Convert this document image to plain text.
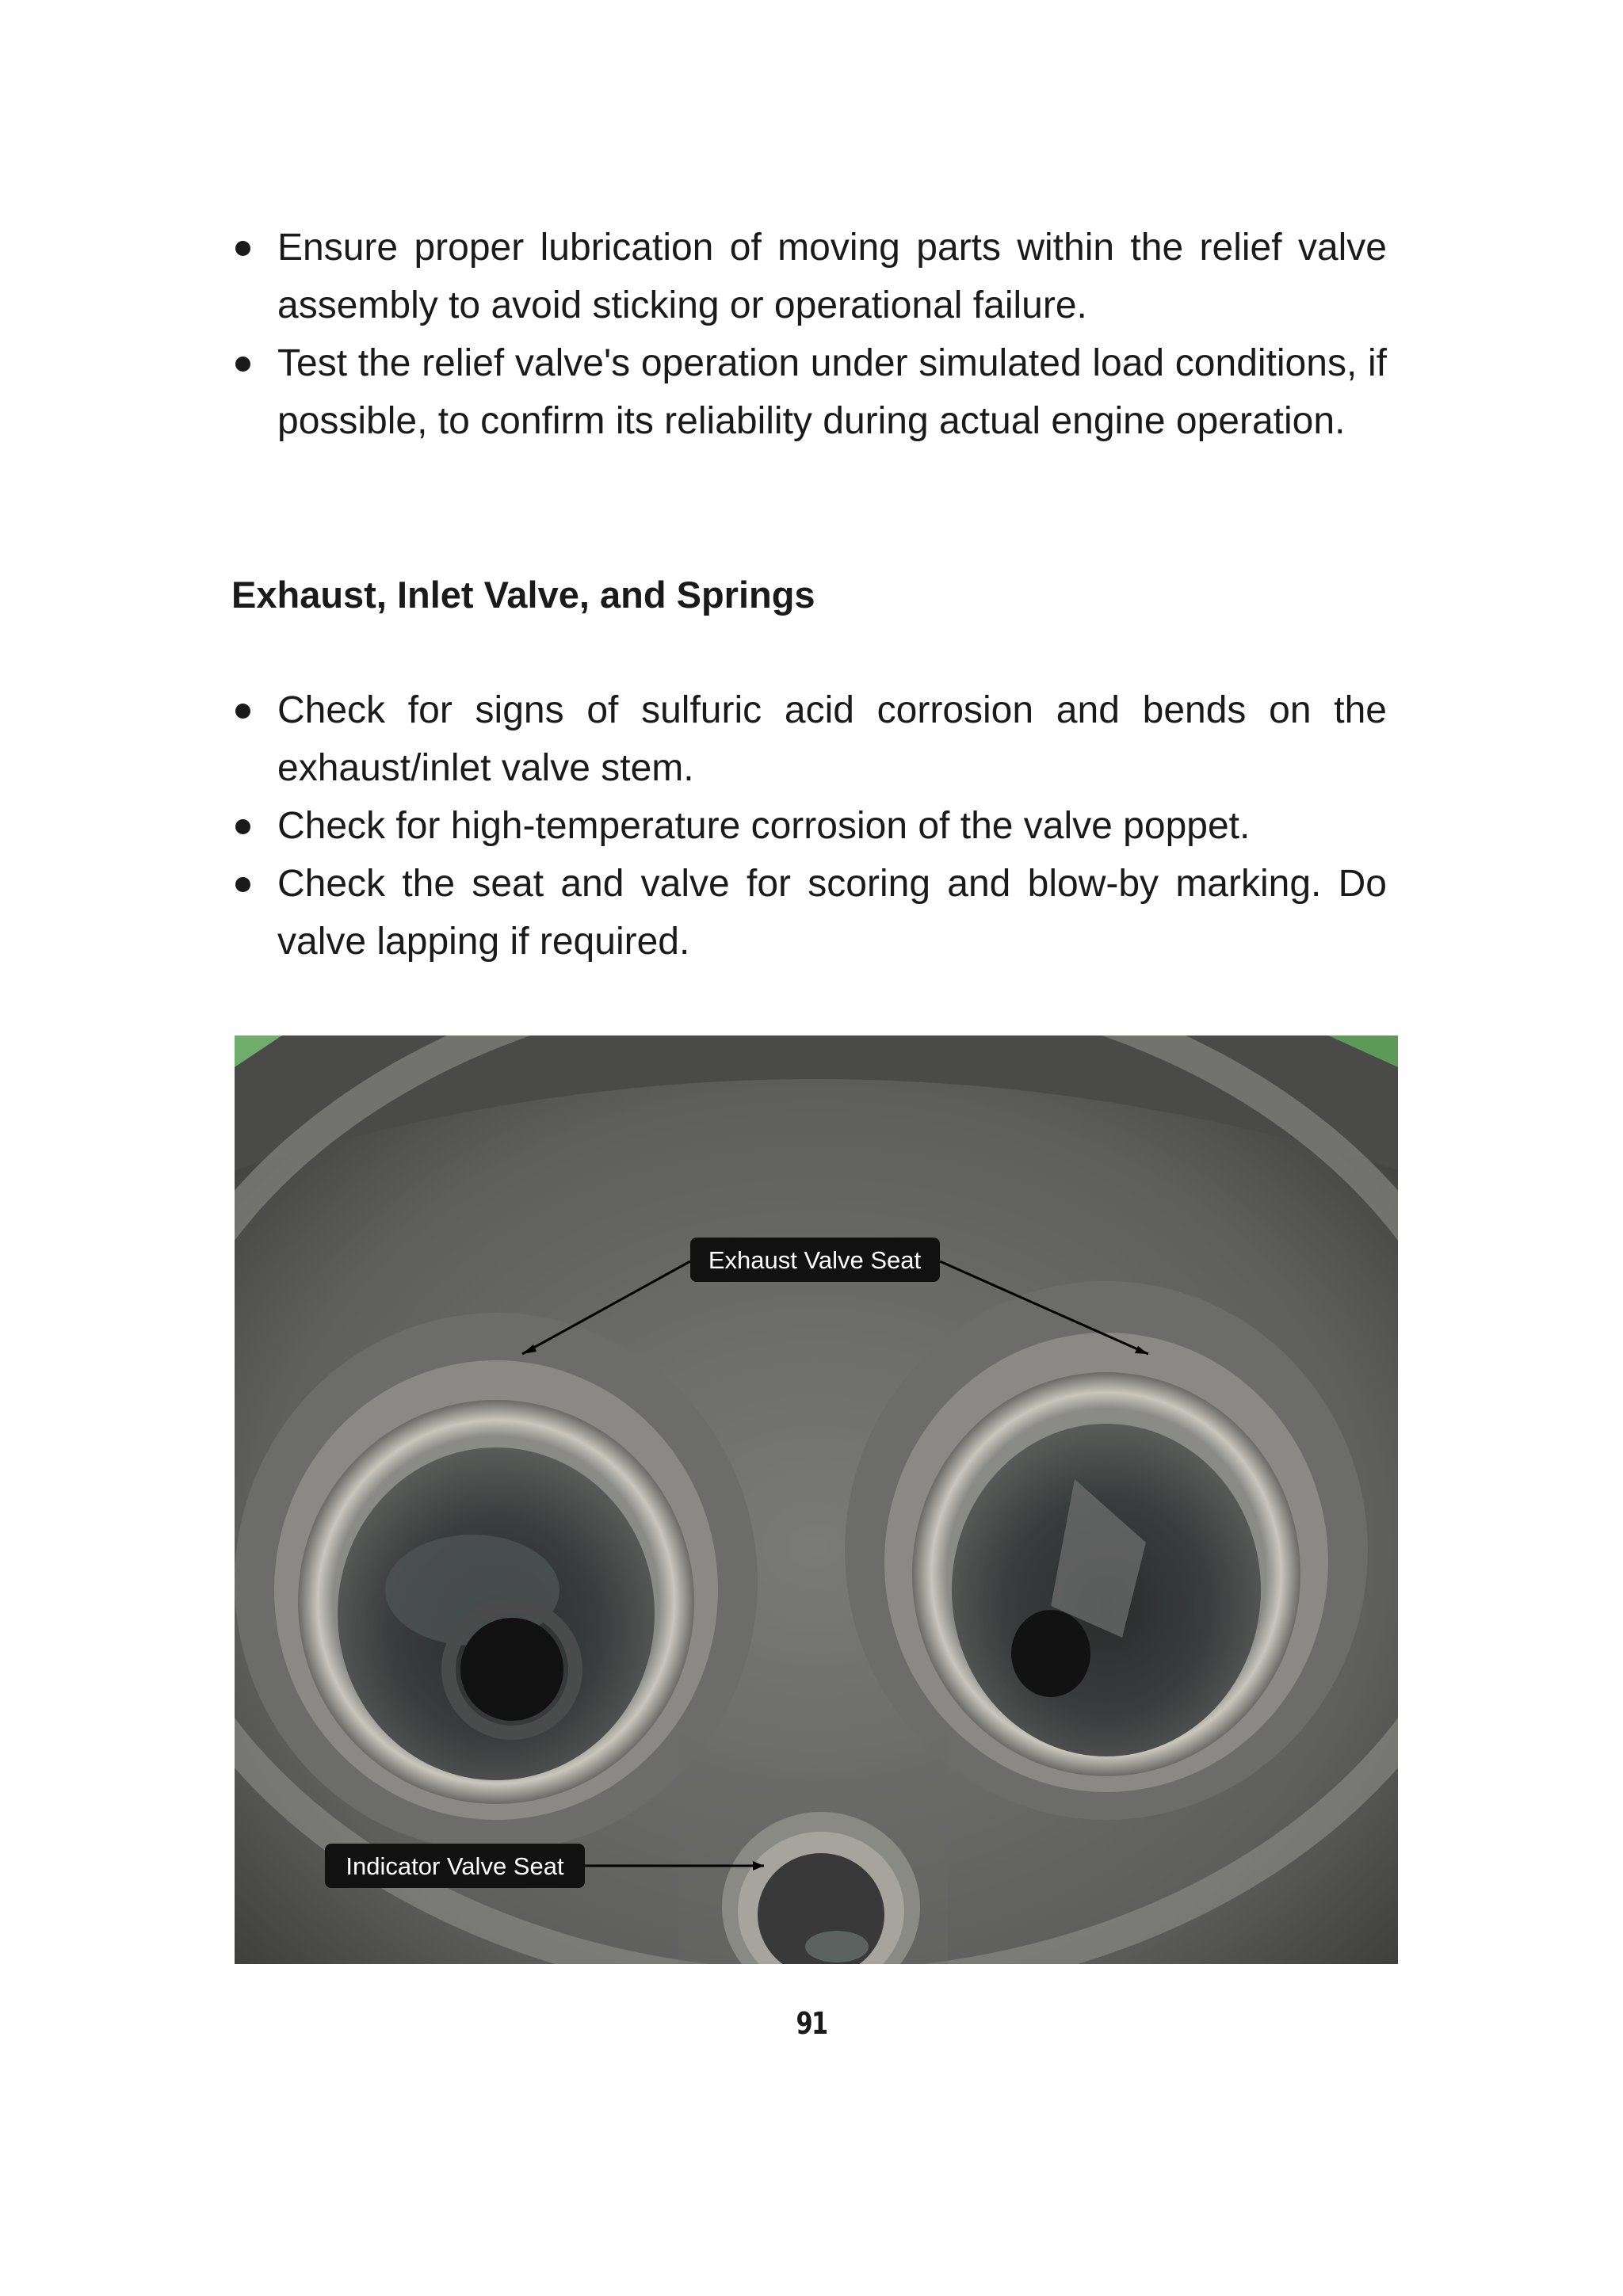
Ensure proper lubrication of moving parts within the relief valve assembly to avoid sticking or operational failure.
Test the relief valve's operation under simulated load conditions, if possible, to confirm its reliability during actual engine operation.
Exhaust, Inlet Valve, and Springs
Check for signs of sulfuric acid corrosion and bends on the exhaust/inlet valve stem.
Check for high-temperature corrosion of the valve poppet.
Check the seat and valve for scoring and blow-by marking. Do valve lapping if required.
Exhaust Valve Seat
Indicator Valve Seat
91
